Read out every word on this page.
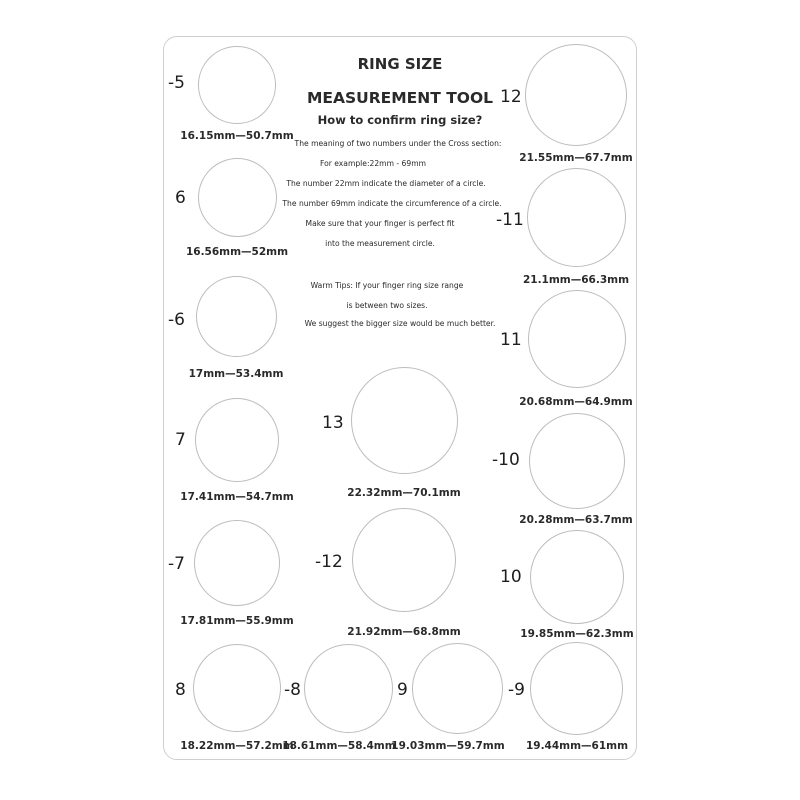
RING SIZE
MEASUREMENT TOOL
How to confirm ring size?
The meaning of two numbers under the Cross section:
For example:22mm - 69mm
The number 22mm indicate the diameter of a circle.
The number 69mm indicate the circumference of a circle.
Make sure that your finger is perfect fit
into the measurement circle.
Warm Tips: If your finger ring size range
is between two sizes.
We suggest the bigger size would be much better.
-5
16.15mm—50.7mm
6
16.56mm—52mm
-6
17mm—53.4mm
7
17.41mm—54.7mm
-7
17.81mm—55.9mm
8
18.22mm—57.2mm
-8
18.61mm—58.4mm
9
19.03mm—59.7mm
-9
19.44mm—61mm
13
22.32mm—70.1mm
-12
21.92mm—68.8mm
12
21.55mm—67.7mm
-11
21.1mm—66.3mm
11
20.68mm—64.9mm
-10
20.28mm—63.7mm
10
19.85mm—62.3mm
